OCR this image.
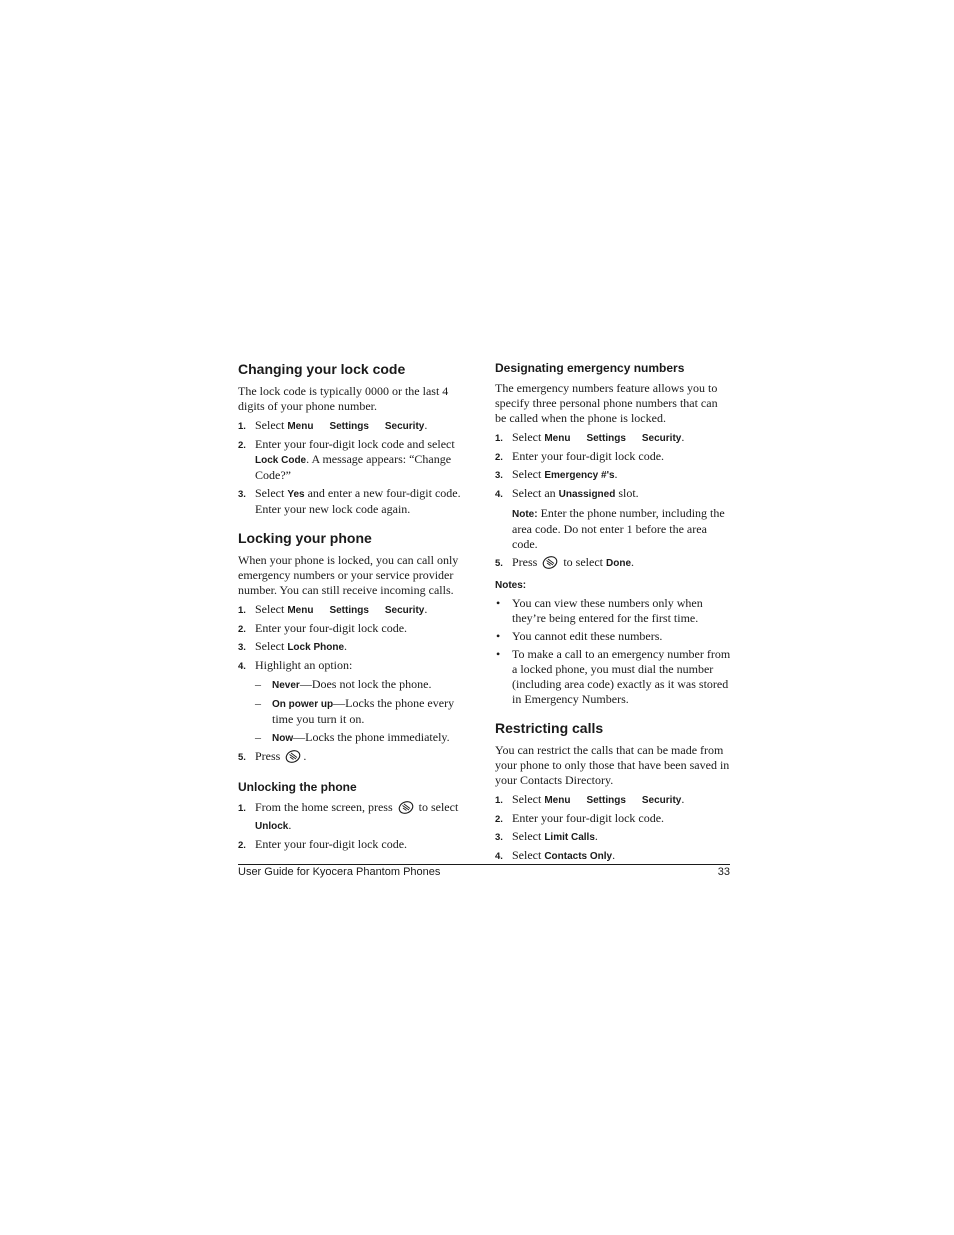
Changing your lock code

The lock code is typically 0000 or the last 4 digits of your phone number.

1. Select Menu Settings Security.
2. Enter your four-digit lock code and select Lock Code. A message appears: “Change Code?”
3. Select Yes and enter a new four-digit code. Enter your new lock code again.
Locking your phone

When your phone is locked, you can call only emergency numbers or your service provider number. You can still receive incoming calls.

1. Select Menu Settings Security.
2. Enter your four-digit lock code.
3. Select Lock Phone.
4. Highlight an option:
– Never—Does not lock the phone.
– On power up—Locks the phone every time you turn it on.
– Now—Locks the phone immediately.
5. Press .
Unlocking the phone
1. From the home screen, press  to select Unlock.
2. Enter your four-digit lock code.
Designating emergency numbers

The emergency numbers feature allows you to specify three personal phone numbers that can be called when the phone is locked.

1. Select Menu Settings Security.
2. Enter your four-digit lock code.
3. Select Emergency #'s.
4. Select an Unassigned slot.
Note: Enter the phone number, including the area code. Do not enter 1 before the area code.
5. Press  to select Done.
Notes:
• You can view these numbers only when they’re being entered for the first time.
• You cannot edit these numbers.
• To make a call to an emergency number from a locked phone, you must dial the number (including area code) exactly as it was stored in Emergency Numbers.
Restricting calls

You can restrict the calls that can be made from your phone to only those that have been saved in your Contacts Directory.

1. Select Menu Settings Security.
2. Enter your four-digit lock code.
3. Select Limit Calls.
4. Select Contacts Only.
User Guide for Kyocera Phantom Phones	33
